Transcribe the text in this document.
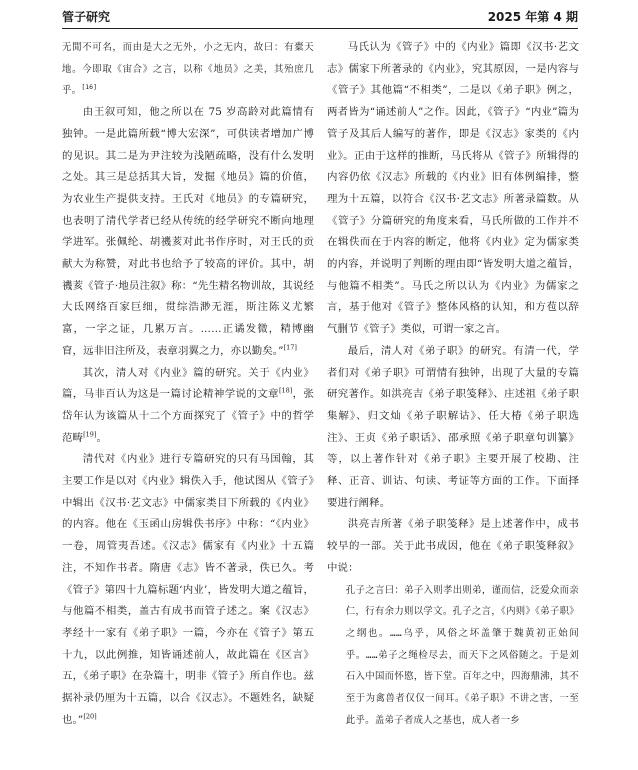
管子研究	2025 年第 4 期

无閒不可名，而由是大之无外，小之无内，故曰：有橐天地。今即取《宙合》之言，以称《地员》之美，其殆庶几乎。[16]

由王叙可知，他之所以在 75 岁高龄对此篇情有独钟。一是此篇所载“博大宏深”，可供读者增加广博的见识。其二是为尹注较为浅陋疏略，没有什么发明之处。其三是总括其大旨，发掘《地员》篇的价值，为农业生产提供支持。王氏对《地员》的专篇研究，也表明了清代学者已经从传统的经学研究不断向地理学进军。张佩纶、胡禨荄对此书作序时，对王氏的贡献大为称赞，对此书也给予了较高的评价。其中，胡禨荄《管子·地员注叙》称：“先生精名物训故，其说经大氐网络百家巨细，贯综浩渺无涯，斯注陈义尤繁富，一字之证，几累万言。……正谲发微，精博幽窅，远非旧注所及，表章羽翼之力，亦以勤矣。”[17]

其次，清人对《内业》篇的研究。关于《内业》篇，马非百认为这是一篇讨论精神学说的文章[18]，张岱年认为该篇从十二个方面探究了《管子》中的哲学范畴[19]。

清代对《内业》进行专篇研究的只有马国翰，其主要工作是以对《内业》辑佚入手，他试图从《管子》中辑出《汉书·艺文志》中儒家类目下所载的《内业》的内容。他在《玉函山房辑佚书序》中称：“《内业》一卷，周管夷吾述。《汉志》儒家有《内业》十五篇注，不知作书者。隋唐《志》皆不著录，佚已久。考《管子》第四十九篇标题‘内业’，皆发明大道之蕴旨，与他篇不相类，盖古有成书而管子述之。案《汉志》孝经十一家有《弟子职》一篇，今亦在《管子》第五十九，以此例推，知皆诵述前人，故此篇在《区言》五，《弟子职》在杂篇十，明非《管子》所自作也。兹据补录仍厘为十五篇，以合《汉志》。不题姓名，缺疑也。”[20]

马氏认为《管子》中的《内业》篇即《汉书·艺文志》儒家下所著录的《内业》，究其原因，一是内容与《管子》其他篇“不相类”，二是以《弟子职》例之，两者皆为“诵述前人”之作。因此，《管子》“内业”篇为管子及其后人编写的著作，即是《汉志》家类的《内业》。正由于这样的推断，马氏将从《管子》所辑得的内容仍依《汉志》所载的《内业》旧有体例编排，整理为十五篇，以符合《汉书·艺文志》所著录篇数。从《管子》分篇研究的角度来看，马氏所做的工作并不在辑佚而在于内容的断定，他将《内业》定为儒家类的内容，并说明了判断的理由即“皆发明大道之蕴旨，与他篇不相类”。马氏之所以认为《内业》为儒家之言，基于他对《管子》整体风格的认知，和方苞以辞气删节《管子》类似，可谓一家之言。

最后，清人对《弟子职》的研究。有清一代，学者们对《弟子职》可谓情有独钟，出现了大量的专篇研究著作。如洪亮吉《弟子职笺释》、庄述祖《弟子职集解》、归文灿《弟子职解诂》、任大椿《弟子职选注》、王贞《弟子职话》、邵承照《弟子职章句训纂》等，以上著作针对《弟子职》主要开展了校勘、注释、正音、训诂、句读、考证等方面的工作。下面择要进行阐释。

洪亮吉所著《弟子职笺释》是上述著作中，成书较早的一部。关于此书成因，他在《弟子职笺释叙》中说：

孔子之言曰：弟子入则孝出则弟，谨而信，泛爱众而亲仁，行有余力则以学文。孔子之言，《内则》《弟子职》之纲也。……乌乎，风俗之坏盖肇于魏黄初正始间乎。……弟子之绳检尽去，而天下之风俗随之。于是刘石入中国而怀愍，皆下堂。百年之中，四海鼎沸，其不至于为禽兽者仅仅一间耳。《弟子职》不讲之害，一至此乎。盖弟子者成人之基也，成人者一乡
